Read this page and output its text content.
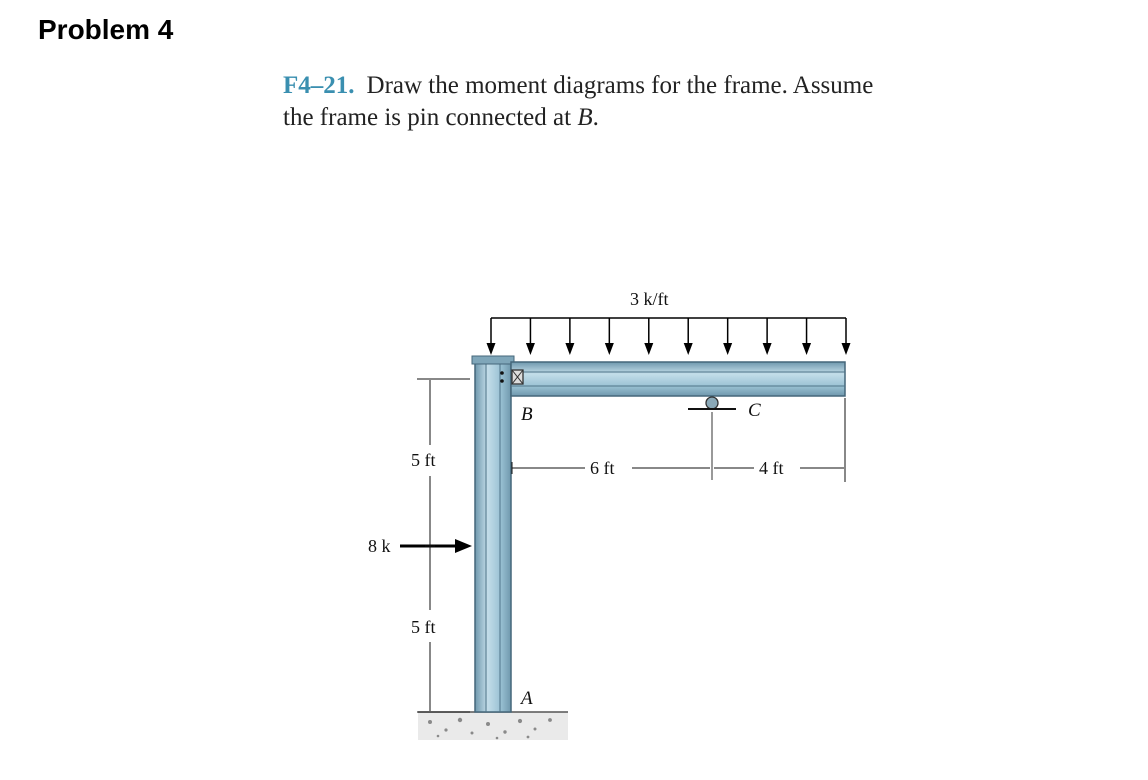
Problem 4
F4–21. Draw the moment diagrams for the frame. Assume
the frame is pin connected at B.
3 k/ft
B	C
A
8 k
5 ft
5 ft
6 ft	4 ft
